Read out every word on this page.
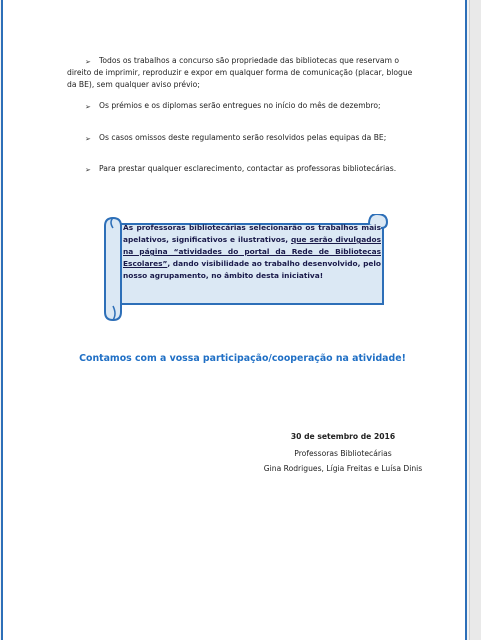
➢	Todos os trabalhos a concurso são propriedade das bibliotecas que reservam o
direito de imprimir, reproduzir e expor em qualquer forma de comunicação (placar, blogue
da BE), sem qualquer aviso prévio;
➢ Os prémios e os diplomas serão entregues no início do mês de dezembro;
➢ Os casos omissos deste regulamento serão resolvidos pelas equipas da BE;
➢ Para prestar qualquer esclarecimento, contactar as professoras bibliotecárias.
As professoras bibliotecárias selecionarão os trabalhos mais apelativos, significativos e ilustrativos, que serão divulgados na página “atividades do portal da Rede de Bibliotecas Escolares”, dando visibilidade ao trabalho desenvolvido, pelo nosso agrupamento, no âmbito desta iniciativa!
Contamos com a vossa participação/cooperação na atividade!
30 de setembro de 2016
Professoras Bibliotecárias
Gina Rodrigues, Lígia Freitas e Luísa Dinis
